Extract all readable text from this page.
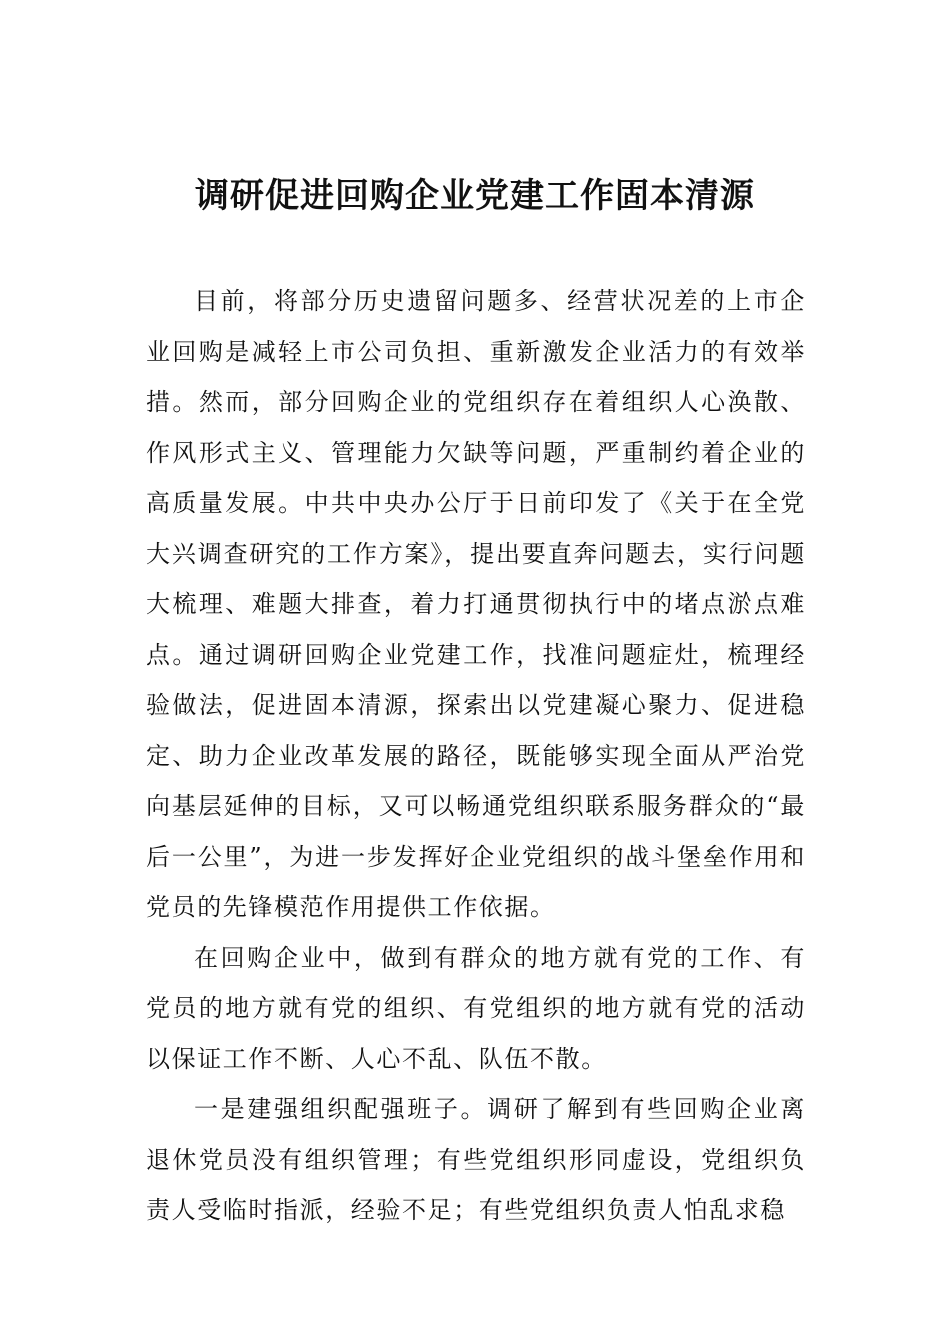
调研促进回购企业党建工作固本清源

目前，将部分历史遗留问题多、经营状况差的上市企业回购是减轻上市公司负担、重新激发企业活力的有效举措。然而，部分回购企业的党组织存在着组织人心涣散、作风形式主义、管理能力欠缺等问题，严重制约着企业的高质量发展。中共中央办公厅于日前印发了《关于在全党大兴调查研究的工作方案》，提出要直奔问题去，实行问题大梳理、难题大排查，着力打通贯彻执行中的堵点淤点难点。通过调研回购企业党建工作，找准问题症灶，梳理经验做法，促进固本清源，探索出以党建凝心聚力、促进稳定、助力企业改革发展的路径，既能够实现全面从严治党向基层延伸的目标，又可以畅通党组织联系服务群众的“最后一公里”，为进一步发挥好企业党组织的战斗堡垒作用和党员的先锋模范作用提供工作依据。

在回购企业中，做到有群众的地方就有党的工作、有党员的地方就有党的组织、有党组织的地方就有党的活动以保证工作不断、人心不乱、队伍不散。

一是建强组织配强班子。调研了解到有些回购企业离退休党员没有组织管理；有些党组织形同虚设，党组织负责人受临时指派，经验不足；有些党组织负责人怕乱求稳
